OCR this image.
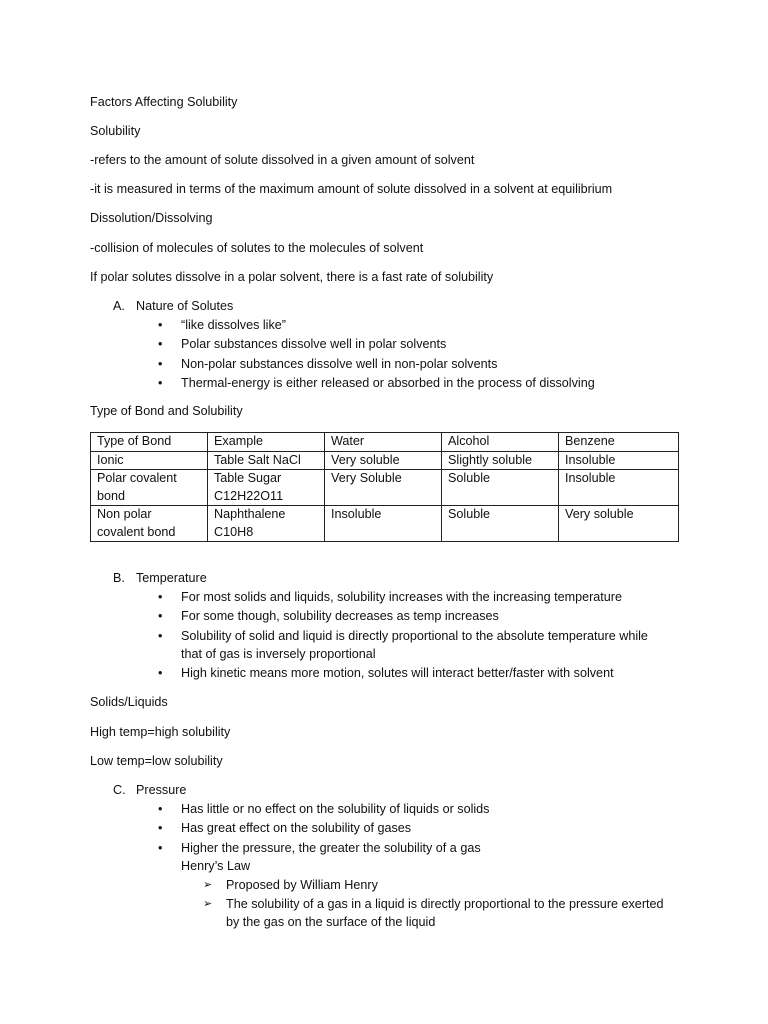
Factors Affecting Solubility
Solubility
-refers to the amount of solute dissolved in a given amount of solvent
-it is measured in terms of the maximum amount of solute dissolved in a solvent at equilibrium
Dissolution/Dissolving
-collision of molecules of solutes to the molecules of solvent
If polar solutes dissolve in a polar solvent, there is a fast rate of solubility
A. Nature of Solutes
• “like dissolves like”
• Polar substances dissolve well in polar solvents
• Non-polar substances dissolve well in non-polar solvents
• Thermal-energy is either released or absorbed in the process of dissolving
Type of Bond and Solubility
Type of Bond	Example	Water	Alcohol	Benzene
Ionic	Table Salt NaCl	Very soluble	Slightly soluble	Insoluble
Polar covalent bond	Table Sugar C12H22O11	Very Soluble	Soluble	Insoluble
Non polar covalent bond	Naphthalene C10H8	Insoluble	Soluble	Very soluble
B. Temperature
• For most solids and liquids, solubility increases with the increasing temperature
• For some though, solubility decreases as temp increases
• Solubility of solid and liquid is directly proportional to the absolute temperature while
that of gas is inversely proportional
• High kinetic means more motion, solutes will interact better/faster with solvent
Solids/Liquids
High temp=high solubility
Low temp=low solubility
C. Pressure
• Has little or no effect on the solubility of liquids or solids
• Has great effect on the solubility of gases
• Higher the pressure, the greater the solubility of a gas
Henry’s Law
➢ Proposed by William Henry
➢ The solubility of a gas in a liquid is directly proportional to the pressure exerted by the gas on the surface of the liquid
